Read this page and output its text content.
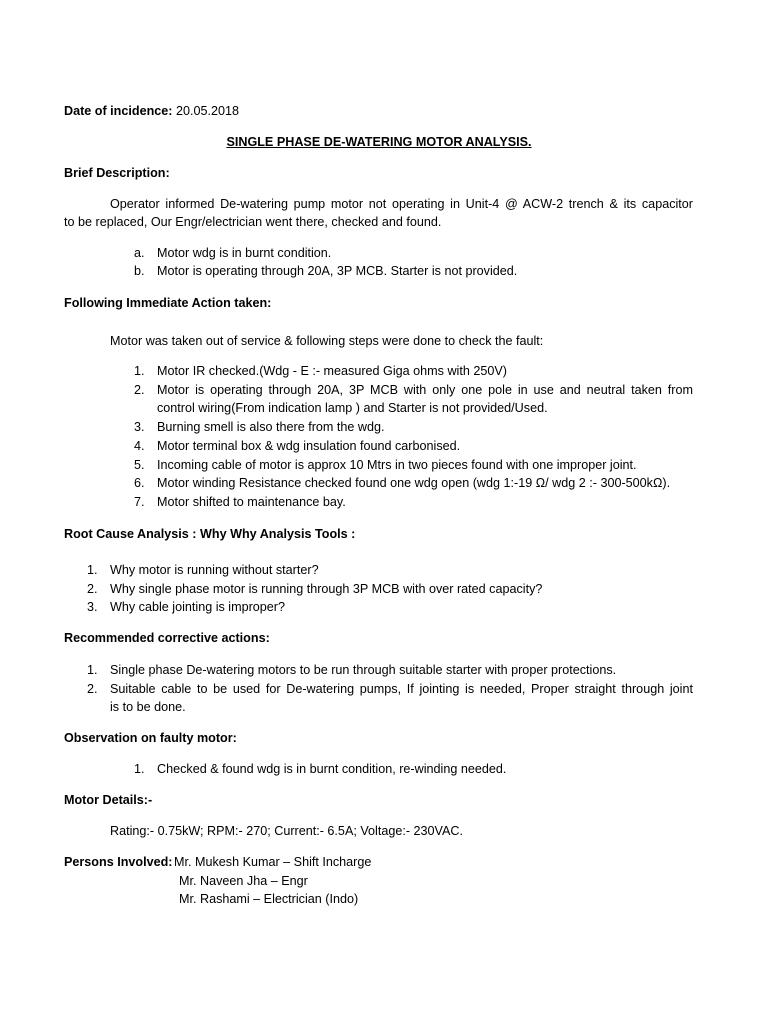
Date of incidence: 20.05.2018
SINGLE PHASE DE-WATERING MOTOR ANALYSIS.
Brief Description:
Operator informed De-watering pump motor not operating in Unit-4 @ ACW-2 trench & its capacitor
to be replaced, Our Engr/electrician went there, checked and found.
a. Motor wdg is in burnt condition.
b. Motor is operating through 20A, 3P MCB. Starter is not provided.
Following Immediate Action taken:
Motor was taken out of service & following steps were done to check the fault:
1. Motor IR checked.(Wdg - E :- measured Giga ohms with 250V)
2. Motor is operating through 20A, 3P MCB with only one pole in use and neutral taken from
control wiring(From indication lamp ) and Starter is not provided/Used.
3. Burning smell is also there from the wdg.
4. Motor terminal box & wdg insulation found carbonised.
5. Incoming cable of motor is approx 10 Mtrs in two pieces found with one improper joint.
6. Motor winding Resistance checked found one wdg open (wdg 1:-19 Ω/ wdg 2 :- 300-500kΩ).
7. Motor shifted to maintenance bay.
Root Cause Analysis : Why Why Analysis Tools :
1. Why motor is running without starter?
2. Why single phase motor is running through 3P MCB with over rated capacity?
3. Why cable jointing is improper?
Recommended corrective actions:
1. Single phase De-watering motors to be run through suitable starter with proper protections.
2. Suitable cable to be used for De-watering pumps, If jointing is needed, Proper straight through joint
is to be done.
Observation on faulty motor:
1. Checked & found wdg is in burnt condition, re-winding needed.
Motor Details:-
Rating:- 0.75kW; RPM:- 270; Current:- 6.5A; Voltage:- 230VAC.
Persons Involved: Mr. Mukesh Kumar – Shift Incharge
Mr. Naveen Jha – Engr
Mr. Rashami – Electrician (Indo)
